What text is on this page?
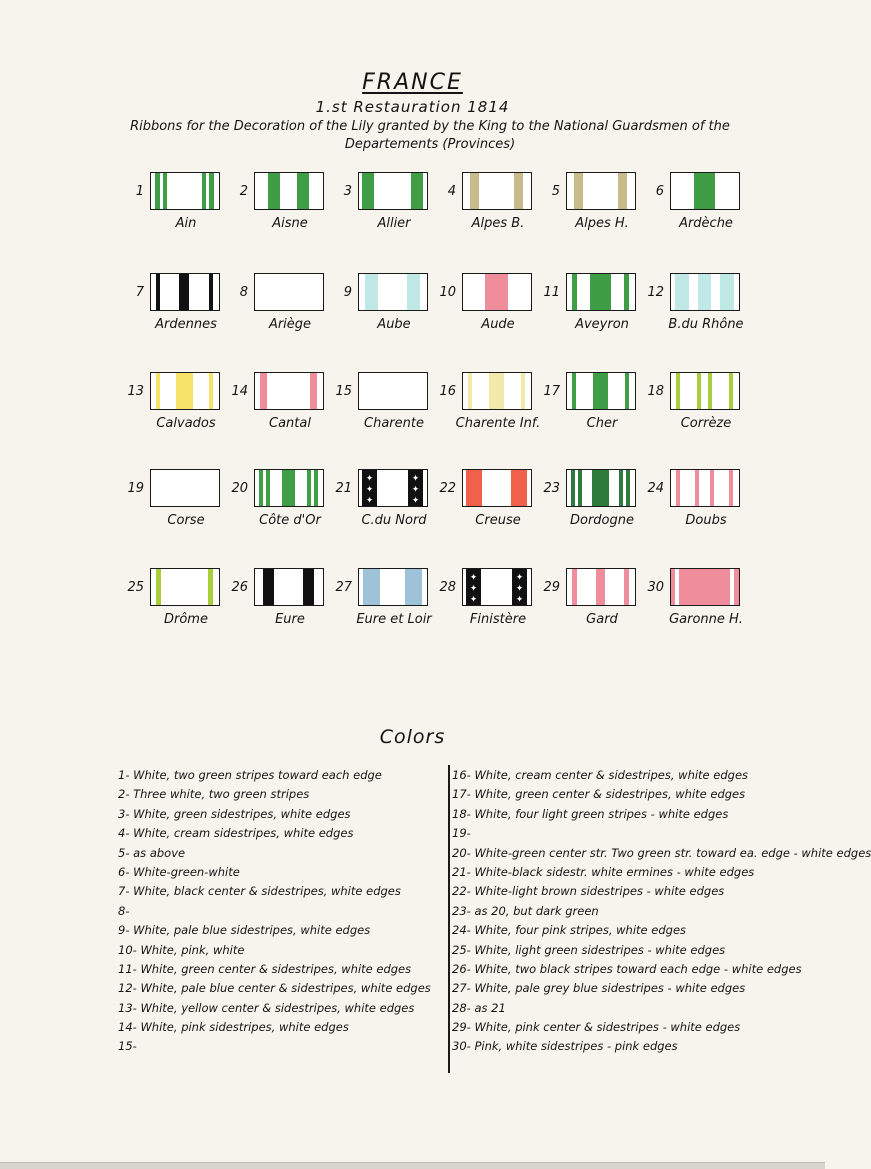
FRANCE

1.st Restauration 1814

Ribbons for the Decoration of the Lily granted by the King to the National Guardsmen of the Departements (Provinces)

1
Ain
2
Aisne
3
Allier
4
Alpes B.
5
Alpes H.
6
Ardèche
7
Ardennes
8
Ariège
9
Aube
10
Aude
11
Aveyron
12
B.du Rhône
13
Calvados
14
Cantal
15
Charente
16
Charente Inf.
17
Cher
18
Corrèze
19
Corse
20
Côte d'Or
21
✦
✦
✦
✦
✦
✦
C.du Nord
22
Creuse
23
Dordogne
24
Doubs
25
Drôme
26
Eure
27
Eure et Loir
28
✦
✦
✦
✦
✦
✦
Finistère
29
Gard
30
Garonne H.
Colors
1- White, two green stripes toward each edge
2- Three white, two green stripes
3- White, green sidestripes, white edges
4- White, cream sidestripes, white edges
5- as above
6- White-green-white
7- White, black center & sidestripes, white edges
8-
9- White, pale blue sidestripes, white edges
10- White, pink, white
11- White, green center & sidestripes, white edges
12- White, pale blue center & sidestripes, white edges
13- White, yellow center & sidestripes, white edges
14- White, pink sidestripes, white edges
15-
16- White, cream center & sidestripes, white edges
17- White, green center & sidestripes, white edges
18- White, four light green stripes - white edges
19-
20- White-green center str. Two green str. toward ea. edge - white edges
21- White-black sidestr. white ermines - white edges
22- White-light brown sidestripes - white edges
23- as 20, but dark green
24- White, four pink stripes, white edges
25- White, light green sidestripes - white edges
26- White, two black stripes toward each edge - white edges
27- White, pale grey blue sidestripes - white edges
28- as 21
29- White, pink center & sidestripes - white edges
30- Pink, white sidestripes - pink edges
